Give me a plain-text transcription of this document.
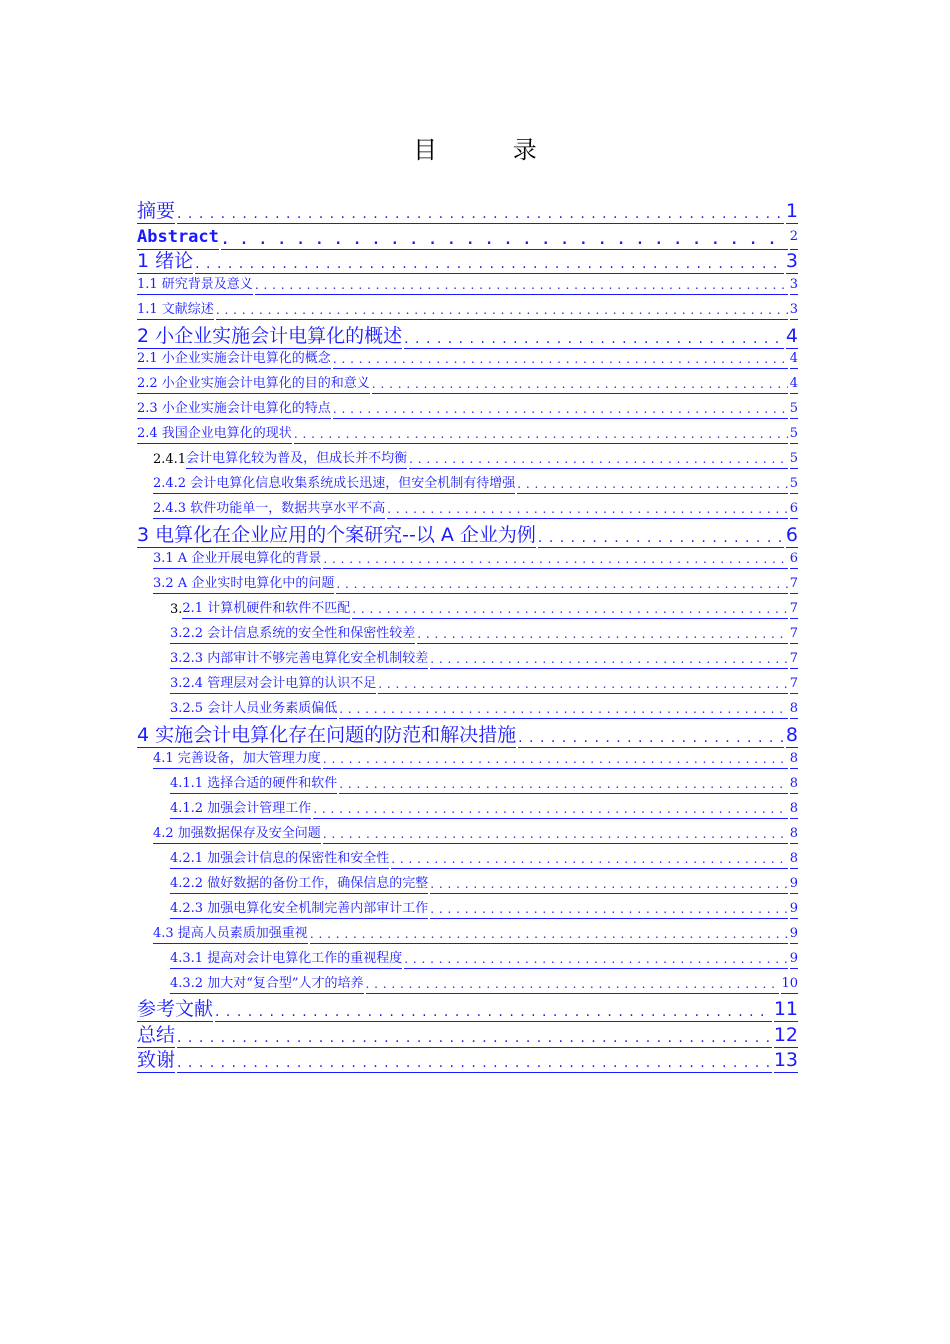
目 录
摘要 . . .	1
Abstract . . .	2
1 绪论 . . .	3
1.1 研究背景及意义 . . .	3
1.1 文献综述 . . .	3
2 小企业实施会计电算化的概述 . . .	4
2.1 小企业实施会计电算化的概念 . . .	4
2.2 小企业实施会计电算化的目的和意义 . . .	4
2.3 小企业实施会计电算化的特点 . . .	5
2.4 我国企业电算化的现状 . . .	5
2.4.1 会计电算化较为普及，但成长并不均衡 . . .	5
2.4.2 会计电算化信息收集系统成长迅速，但安全机制有待增强 . . .	5
2.4.3 软件功能单一，数据共享水平不高 . . .	6
3 电算化在企业应用的个案研究--以 A 企业为例 . . .	6
3.1 A 企业开展电算化的背景 . . .	6
3.2 A 企业实时电算化中的问题 . . .	7
3. 2.1 计算机硬件和软件不匹配 . . .	7
3.2.2 会计信息系统的安全性和保密性较差 . . .	7
3.2.3 内部审计不够完善电算化安全机制较差 . . .	7
3.2.4 管理层对会计电算的认识不足 . . .	7
3.2.5 会计人员业务素质偏低 . . .	8
4 实施会计电算化存在问题的防范和解决措施 . . .	8
4.1 完善设备，加大管理力度 . . .	8
4.1.1 选择合适的硬件和软件 . . .	8
4.1.2 加强会计管理工作 . . .	8
4.2 加强数据保存及安全问题 . . .	8
4.2.1 加强会计信息的保密性和安全性 . . .	8
4.2.2 做好数据的备份工作，确保信息的完整 . . .	9
4.2.3 加强电算化安全机制完善内部审计工作 . . .	9
4.3 提高人员素质加强重视 . . .	9
4.3.1 提高对会计电算化工作的重视程度 . . .	9
4.3.2 加大对“复合型”人才的培养 . . .	10
参考文献 . . .	11
总结 . . .	12
致谢 . . .	13
